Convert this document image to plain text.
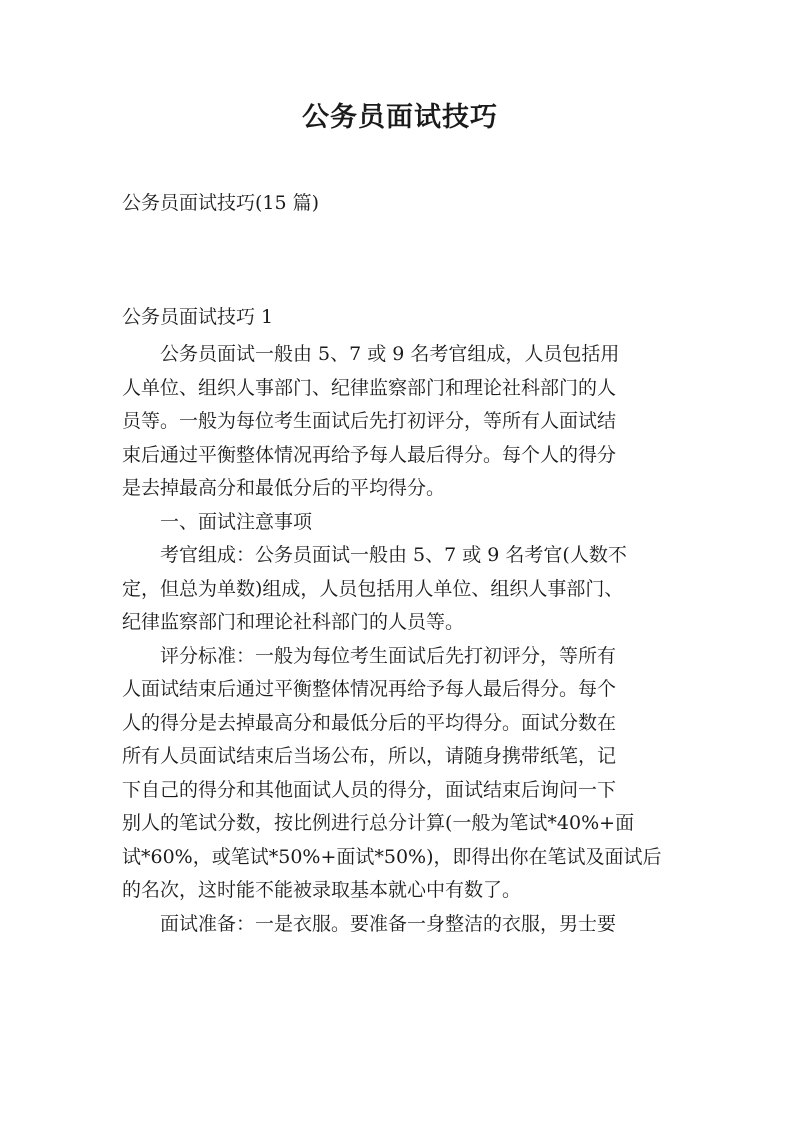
公务员面试技巧
公务员面试技巧(15 篇)
公务员面试技巧 1
公务员面试一般由 5、7 或 9 名考官组成，人员包括用
人单位、组织人事部门、纪律监察部门和理论社科部门的人
员等。一般为每位考生面试后先打初评分，等所有人面试结
束后通过平衡整体情况再给予每人最后得分。每个人的得分
是去掉最高分和最低分后的平均得分。
一、面试注意事项
考官组成：公务员面试一般由 5、7 或 9 名考官(人数不
定，但总为单数)组成，人员包括用人单位、组织人事部门、
纪律监察部门和理论社科部门的人员等。
评分标准：一般为每位考生面试后先打初评分，等所有
人面试结束后通过平衡整体情况再给予每人最后得分。每个
人的得分是去掉最高分和最低分后的平均得分。面试分数在
所有人员面试结束后当场公布，所以，请随身携带纸笔，记
下自己的得分和其他面试人员的得分，面试结束后询问一下
别人的笔试分数，按比例进行总分计算(一般为笔试*40%+面
试*60%，或笔试*50%+面试*50%)，即得出你在笔试及面试后
的名次，这时能不能被录取基本就心中有数了。
面试准备：一是衣服。要准备一身整洁的衣服，男士要
